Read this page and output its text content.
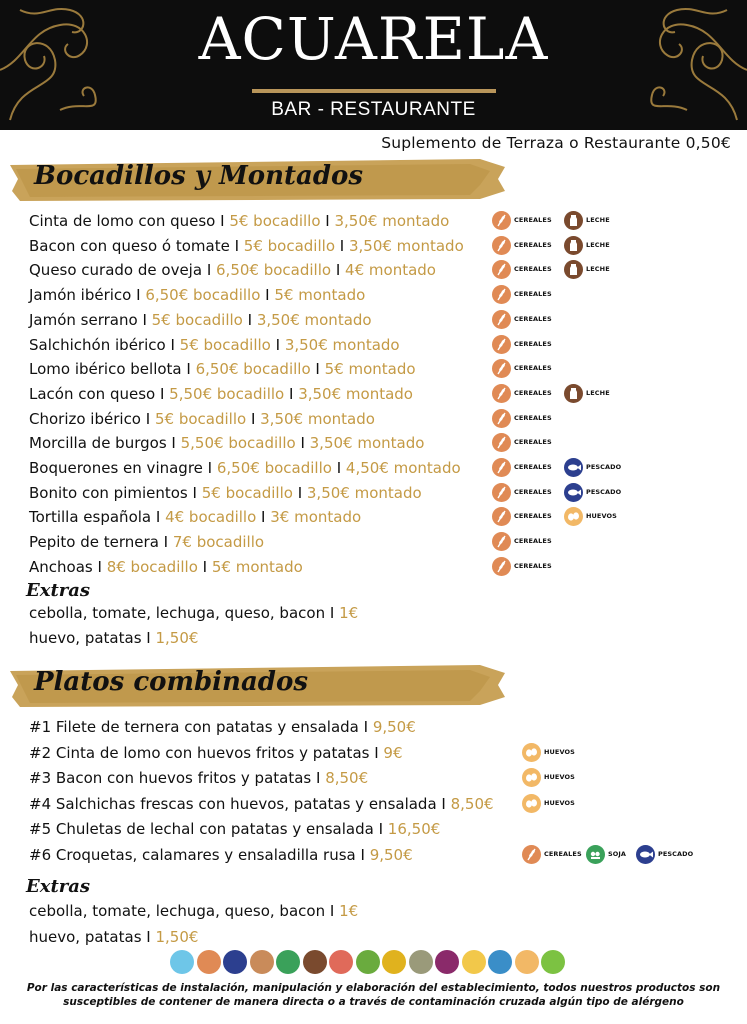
ACUARELA
BAR - RESTAURANTE
Suplemento de Terraza o Restaurante 0,50€
Bocadillos y Montados
Cinta de lomo con queso I 5€ bocadillo I 3,50€ montado	CEREALES	LECHE
Bacon con queso ó tomate I 5€ bocadillo I 3,50€ montado	CEREALES	LECHE
Queso curado de oveja I 6,50€ bocadillo I 4€ montado	CEREALES	LECHE
Jamón ibérico I 6,50€ bocadillo I 5€ montado	CEREALES
Jamón serrano I 5€ bocadillo I 3,50€ montado	CEREALES
Salchichón ibérico I 5€ bocadillo I 3,50€ montado	CEREALES
Lomo ibérico bellota I 6,50€ bocadillo I 5€ montado	CEREALES
Lacón con queso I 5,50€ bocadillo I 3,50€ montado	CEREALES	LECHE
Chorizo ibérico I 5€ bocadillo I 3,50€ montado	CEREALES
Morcilla de burgos I 5,50€ bocadillo I 3,50€ montado	CEREALES
Boquerones en vinagre I 6,50€ bocadillo I 4,50€ montado	CEREALES	PESCADO
Bonito con pimientos I 5€ bocadillo I 3,50€ montado	CEREALES	PESCADO
Tortilla española I 4€ bocadillo I 3€ montado	CEREALES	HUEVOS
Pepito de ternera I 7€ bocadillo	CEREALES
Anchoas I 8€ bocadillo I 5€ montado	CEREALES
Extras
cebolla, tomate, lechuga, queso, bacon I 1€
huevo, patatas I 1,50€
Platos combinados
#1 Filete de ternera con patatas y ensalada I 9,50€
#2 Cinta de lomo con huevos fritos y patatas I 9€	HUEVOS
#3 Bacon con huevos fritos y patatas I 8,50€	HUEVOS
#4 Salchichas frescas con huevos, patatas y ensalada I 8,50€	HUEVOS
#5 Chuletas de lechal con patatas y ensalada I 16,50€
#6 Croquetas, calamares y ensaladilla rusa I 9,50€	CEREALES	SOJA	PESCADO
Extras
cebolla, tomate, lechuga, queso, bacon I 1€
huevo, patatas I 1,50€
Por las características de instalación, manipulación y elaboración del establecimiento, todos nuestros productos son susceptibles de contener de manera directa o a través de contaminación cruzada algún tipo de alérgeno
